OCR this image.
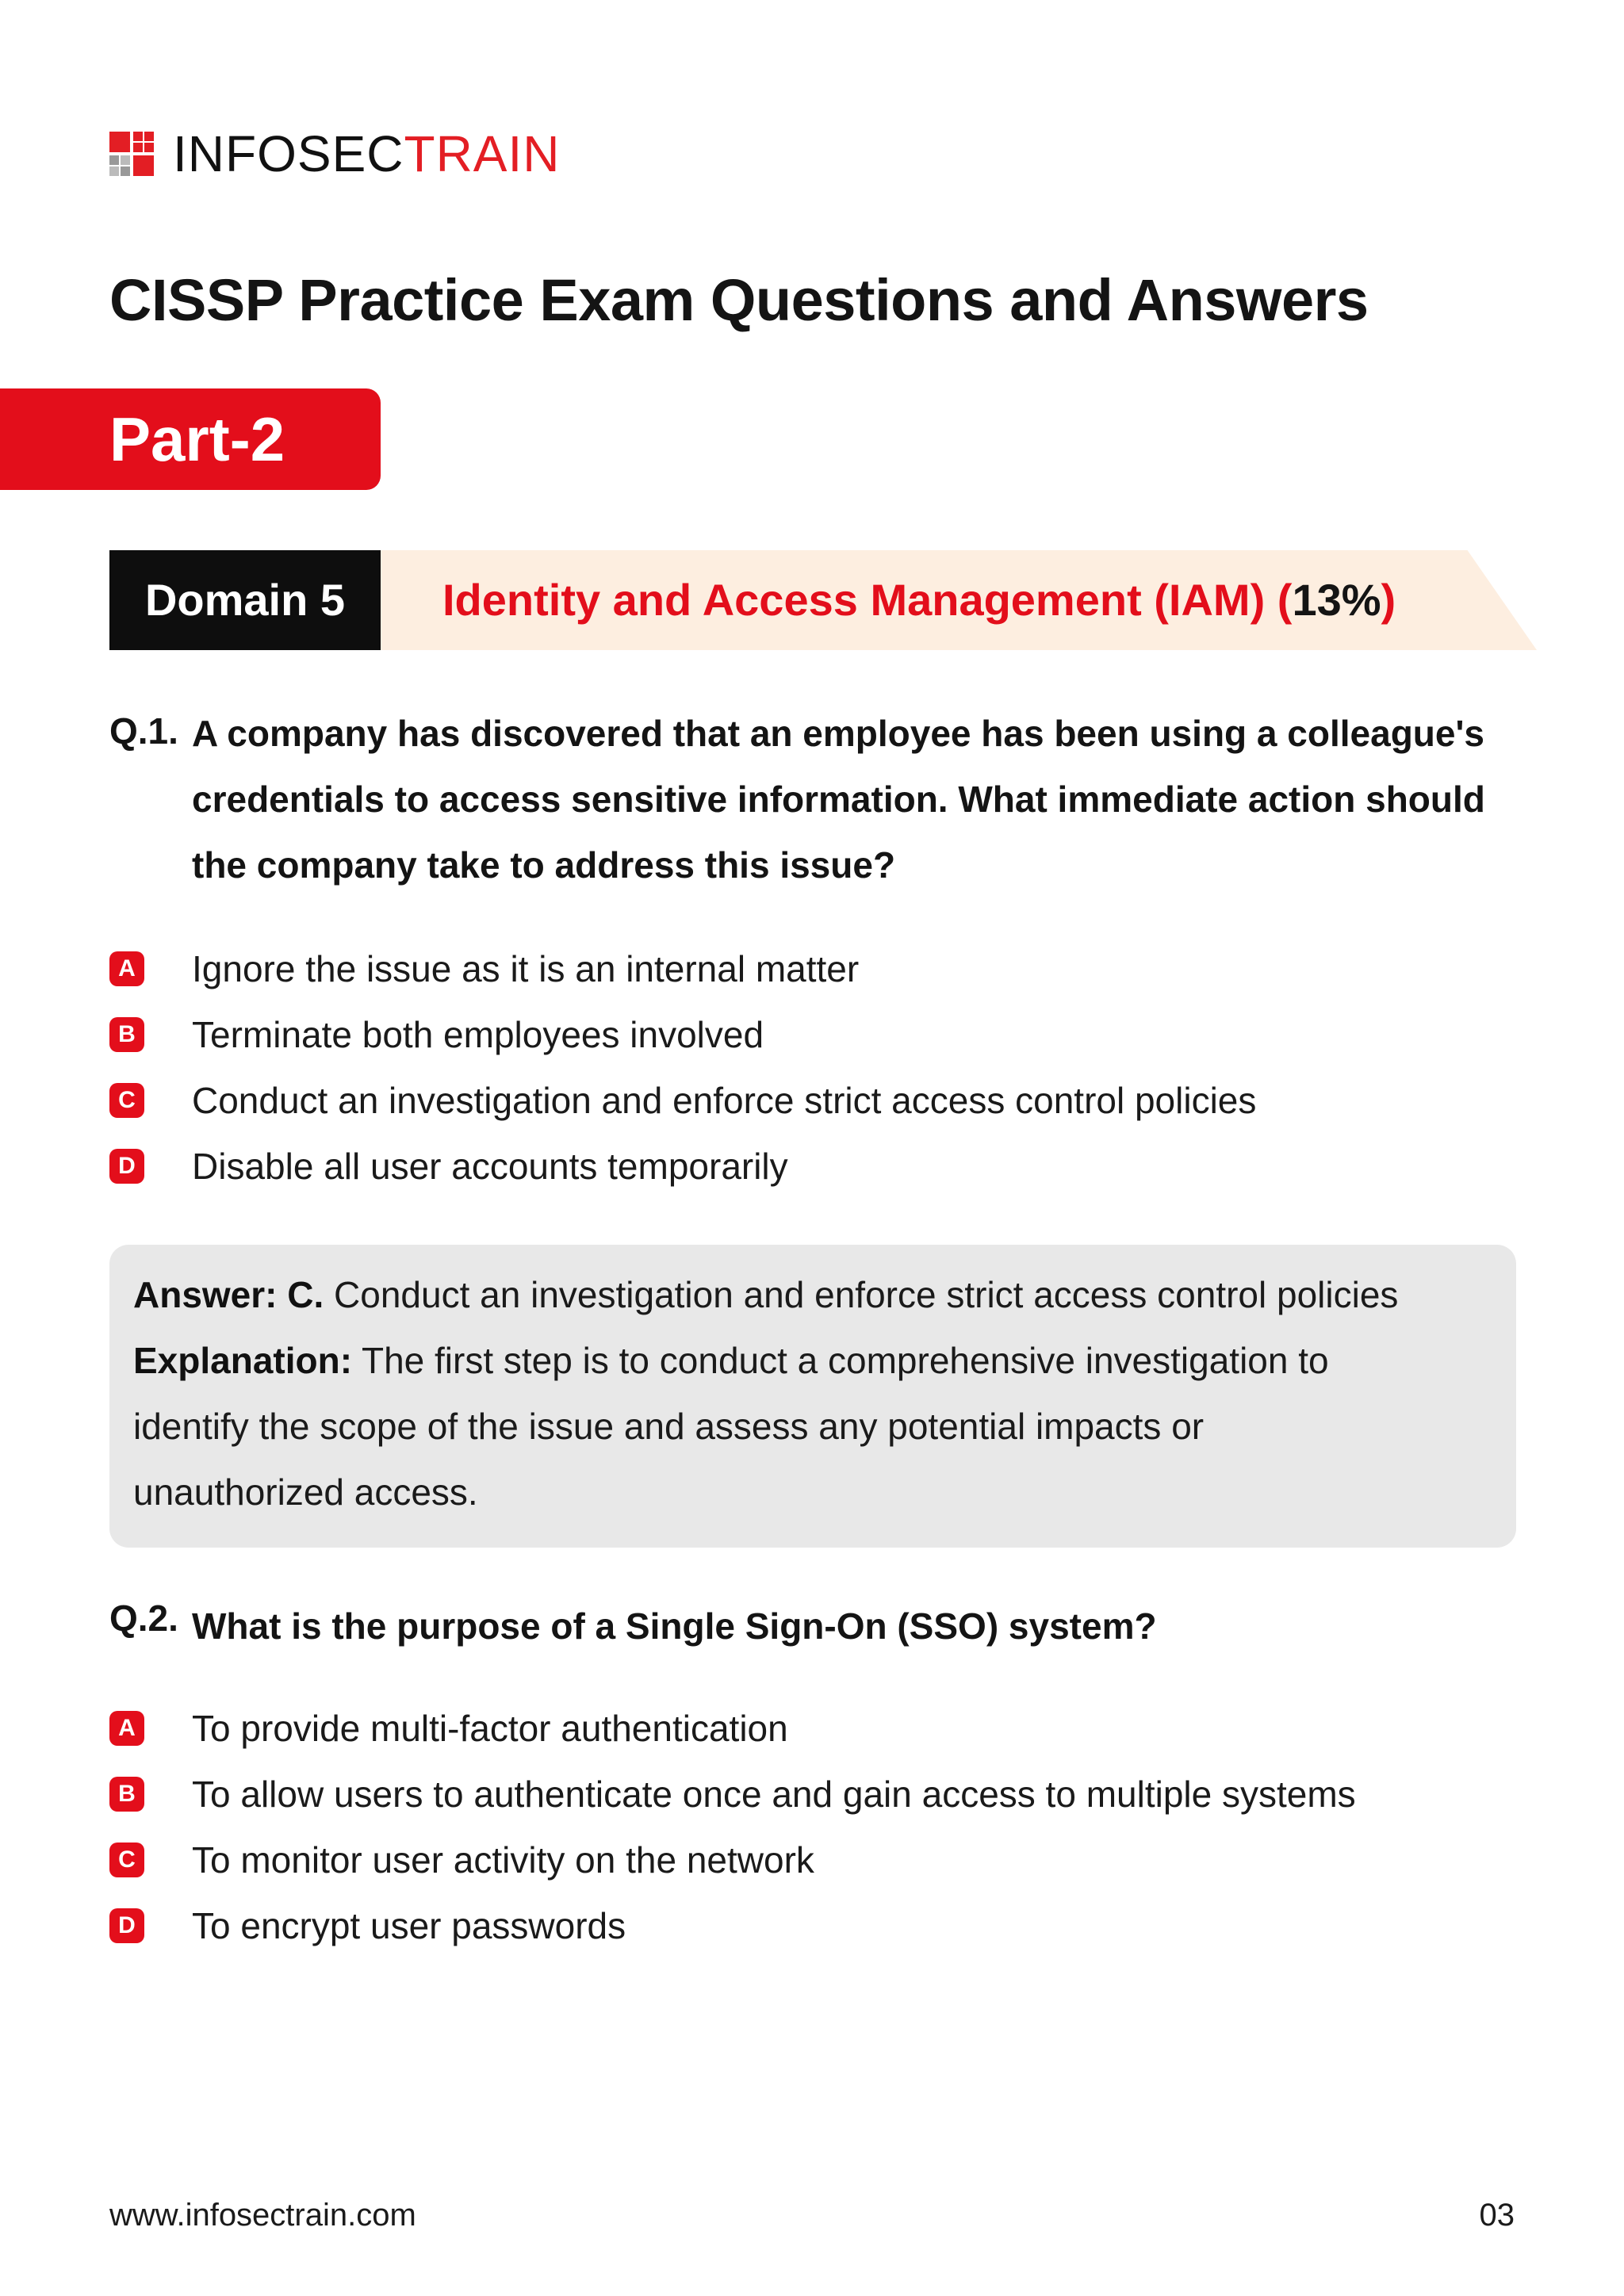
INFOSECTRAIN
CISSP Practice Exam Questions and Answers
Part-2
Domain 5	Identity and Access Management (IAM) (13%)
Q.1. A company has discovered that an employee has been using a colleague's
credentials to access sensitive information. What immediate action should
the company take to address this issue?
A Ignore the issue as it is an internal matter
B Terminate both employees involved
C Conduct an investigation and enforce strict access control policies
D Disable all user accounts temporarily
Answer: C. Conduct an investigation and enforce strict access control policies
Explanation: The first step is to conduct a comprehensive investigation to
identify the scope of the issue and assess any potential impacts or
unauthorized access.
Q.2. What is the purpose of a Single Sign-On (SSO) system?
A To provide multi-factor authentication
B To allow users to authenticate once and gain access to multiple systems
C To monitor user activity on the network
D To encrypt user passwords
www.infosectrain.com	03
